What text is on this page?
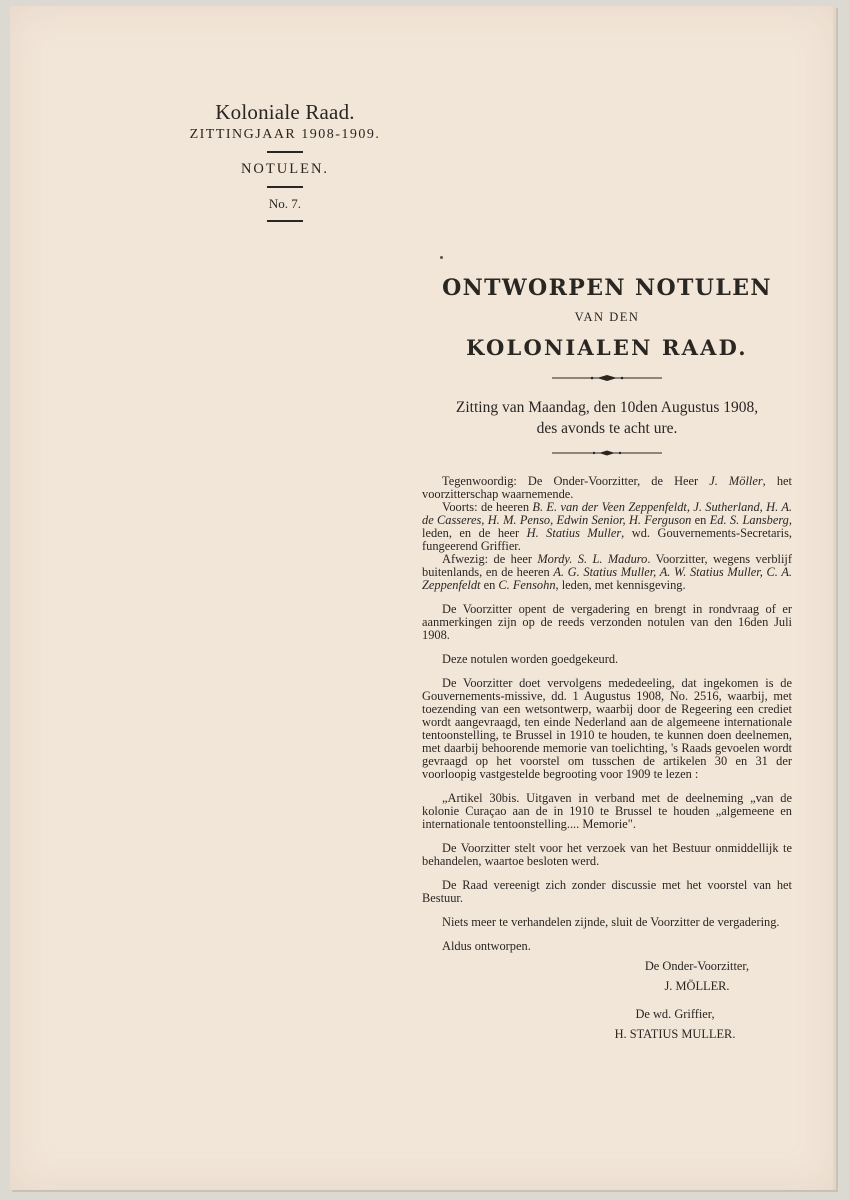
Koloniale Raad.
ZITTINGJAAR 1908-1909.
NOTULEN.
No. 7.
ONTWORPEN NOTULEN
VAN DEN
KOLONIALEN RAAD.
Zitting van Maandag, den 10den Augustus 1908,
des avonds te acht ure.

Tegenwoordig: De Onder-Voorzitter, de Heer J. Möller, het voorzitterschap waarnemende.

Voorts: de heeren B. E. van der Veen Zeppenfeldt, J. Sutherland, H. A. de Casseres, H. M. Penso, Edwin Senior, H. Ferguson en Ed. S. Lansberg, leden, en de heer H. Statius Muller, wd. Gouvernements-Secretaris, fungeerend Griffier.

Afwezig: de heer Mordy. S. L. Maduro. Voorzitter, wegens verblijf buitenlands, en de heeren A. G. Statius Muller, A. W. Statius Muller, C. A. Zeppenfeldt en C. Fensohn, leden, met kennisgeving.

De Voorzitter opent de vergadering en brengt in rondvraag of er aanmerkingen zijn op de reeds verzonden notulen van den 16den Juli 1908.

Deze notulen worden goedgekeurd.

De Voorzitter doet vervolgens mededeeling, dat ingekomen is de Gouvernements-missive, dd. 1 Augustus 1908, No. 2516, waarbij, met toezending van een wetsontwerp, waarbij door de Regeering een crediet wordt aangevraagd, ten einde Nederland aan de algemeene internationale tentoonstelling, te Brussel in 1910 te houden, te kunnen doen deelnemen, met daarbij behoorende memorie van toelichting, 's Raads gevoelen wordt gevraagd op het voorstel om tusschen de artikelen 30 en 31 der voorloopig vastgestelde begrooting voor 1909 te lezen :

„Artikel 30bis. Uitgaven in verband met de deelneming „van de kolonie Curaçao aan de in 1910 te Brussel te houden „algemeene en internationale tentoonstelling.... Memorie".

De Voorzitter stelt voor het verzoek van het Bestuur onmiddellijk te behandelen, waartoe besloten werd.

De Raad vereenigt zich zonder discussie met het voorstel van het Bestuur.

Niets meer te verhandelen zijnde, sluit de Voorzitter de vergadering.

Aldus ontworpen.
De Onder-Voorzitter,
J. MÖLLER.
De wd. Griffier,
H. STATIUS MULLER.
